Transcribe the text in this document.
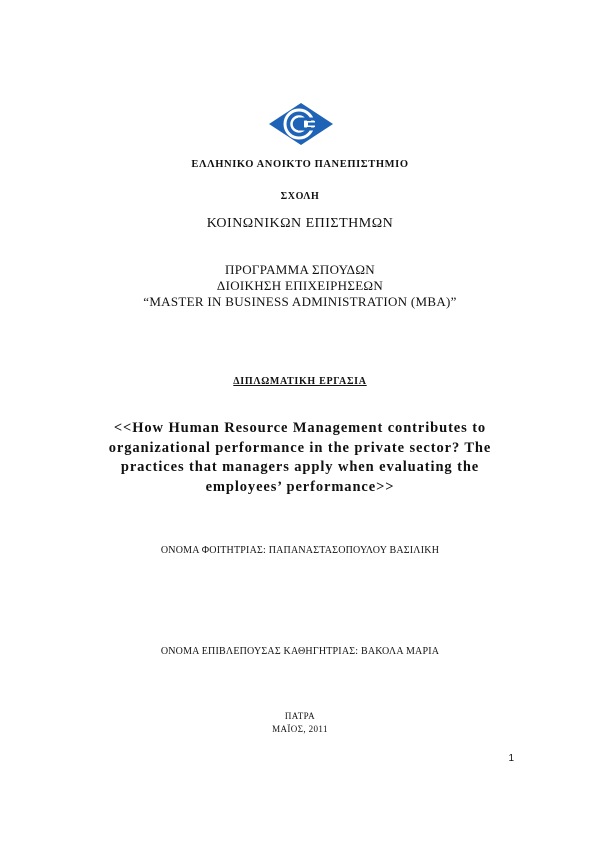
ΕΛΛΗΝΙΚΟ ΑΝΟΙΚΤΟ ΠΑΝΕΠΙΣΤΗΜΙΟ
ΣΧΟΛΗ
ΚΟΙΝΩΝΙΚΩΝ ΕΠΙΣΤΗΜΩΝ
ΠΡΟΓΡΑΜΜΑ ΣΠΟΥΔΩΝ
ΔΙΟΙΚΗΣΗ ΕΠΙΧΕΙΡΗΣΕΩΝ
“MASTER IN BUSINESS ADMINISTRATION (MBA)”
ΔΙΠΛΩΜΑΤΙΚΗ ΕΡΓΑΣΙΑ
<<How Human Resource Management contributes to
organizational performance in the private sector? The
practices that managers apply when evaluating the
employees’ performance>>
ΟΝΟΜΑ ΦΟΙΤΗΤΡΙΑΣ: ΠΑΠΑΝΑΣΤΑΣΟΠΟΥΛΟΥ ΒΑΣΙΛΙΚΗ
ΟΝΟΜΑ ΕΠΙΒΛΕΠΟΥΣΑΣ ΚΑΘΗΓΗΤΡΙΑΣ: ΒΑΚΟΛΑ ΜΑΡΙΑ
ΠΑΤΡΑ
ΜΑΪΟΣ, 2011
1
